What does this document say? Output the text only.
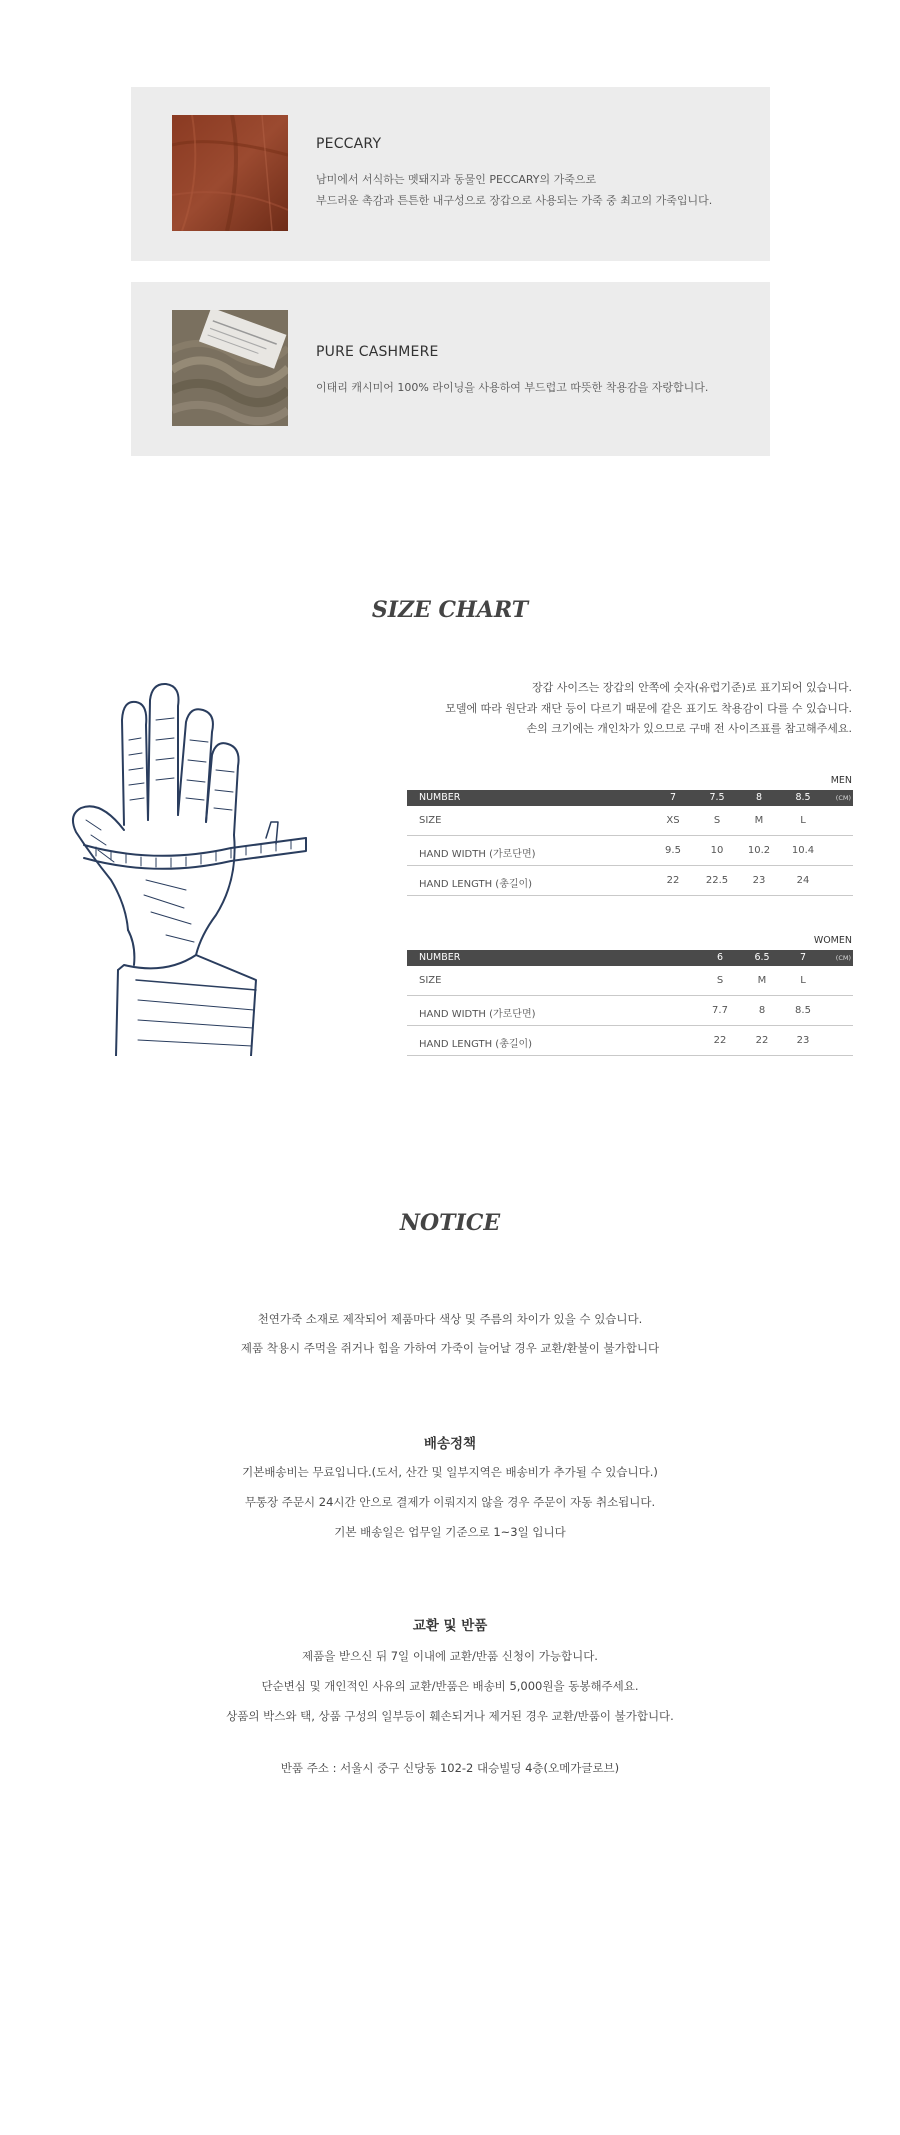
PECCARY
남미에서 서식하는 멧돼지과 동물인 PECCARY의 가죽으로
부드러운 촉감과 튼튼한 내구성으로 장갑으로 사용되는 가죽 중 최고의 가죽입니다.
PURE CASHMERE
이태리 캐시미어 100% 라이닝을 사용하여 부드럽고 따뜻한 착용감을 자랑합니다.
SIZE CHART
장갑 사이즈는 장갑의 안쪽에 숫자(유럽기준)로 표기되어 있습니다.
모델에 따라 원단과 재단 등이 다르기 때문에 같은 표기도 착용감이 다를 수 있습니다.
손의 크기에는 개인차가 있으므로 구매 전 사이즈표를 참고해주세요.
MEN
NUMBER	7	7.5	8	8.5	(CM)
SIZE	XS	S	M	L
HAND WIDTH (가로단면)	9.5	10	10.2	10.4
HAND LENGTH (총길이)	22	22.5	23	24
WOMEN
NUMBER	6	6.5	7	(CM)
SIZE	S	M	L
HAND WIDTH (가로단면)	7.7	8	8.5
HAND LENGTH (총길이)	22	22	23
NOTICE
천연가죽 소재로 제작되어 제품마다 색상 및 주름의 차이가 있을 수 있습니다.
제품 착용시 주먹을 쥐거나 힘을 가하여 가죽이 늘어날 경우 교환/환불이 불가합니다
배송정책
기본배송비는 무료입니다.(도서, 산간 및 일부지역은 배송비가 추가될 수 있습니다.)
무통장 주문시 24시간 안으로 결제가 이뤄지지 않을 경우 주문이 자동 취소됩니다.
기본 배송일은 업무일 기준으로 1~3일 입니다
교환 및 반품
제품을 받으신 뒤 7일 이내에 교환/반품 신청이 가능합니다.
단순변심 및 개인적인 사유의 교환/반품은 배송비 5,000원을 동봉해주세요.
상품의 박스와 택, 상품 구성의 일부등이 훼손되거나 제거된 경우 교환/반품이 불가합니다.
반품 주소 : 서울시 중구 신당동 102-2 대승빌딩 4층(오메가글로브)
